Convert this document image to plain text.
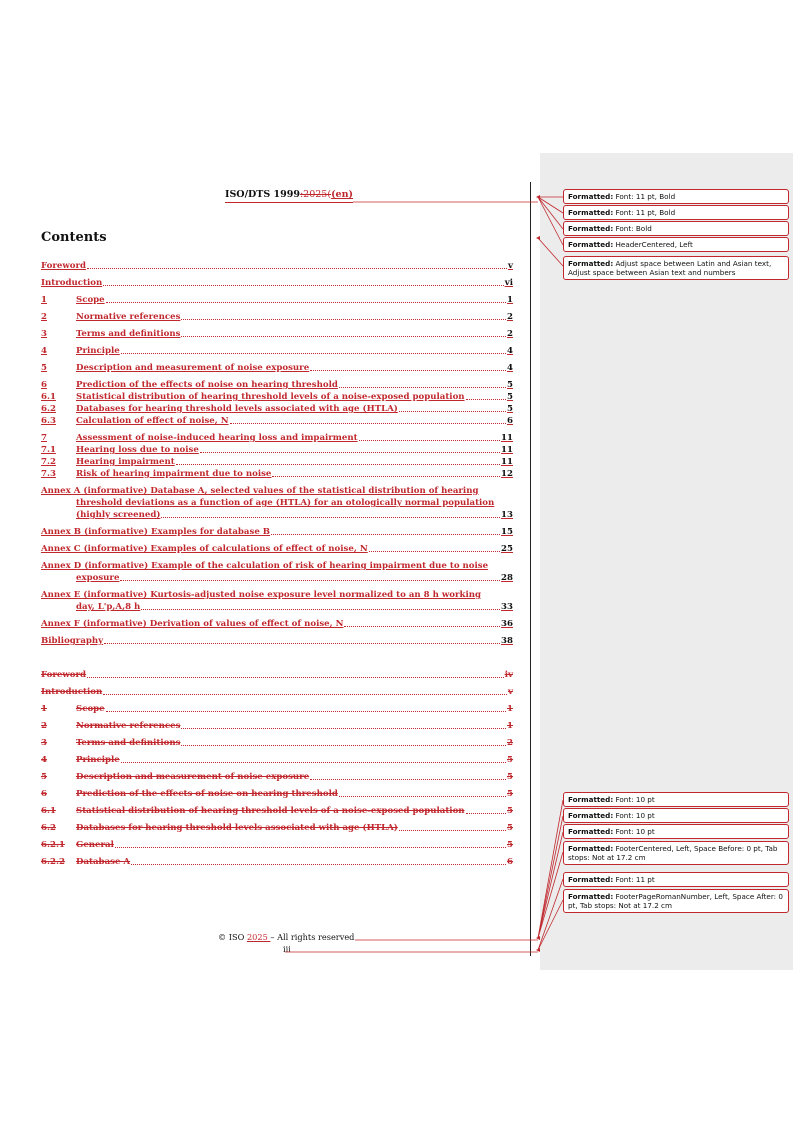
ISO/DTS 1999:2025((en)
Contents
Foreword	v
Introduction	vi
1	Scope	1
2	Normative references	2
3	Terms and definitions	2
4	Principle	4
5	Description and measurement of noise exposure	4
6	Prediction of the effects of noise on hearing threshold	5
6.1	Statistical distribution of hearing threshold levels of a noise-exposed population	5
6.2	Databases for hearing threshold levels associated with age (HTLA)	5
6.3	Calculation of effect of noise, N	6
7	Assessment of noise-induced hearing loss and impairment	11
7.1	Hearing loss due to noise	11
7.2	Hearing impairment	11
7.3	Risk of hearing impairment due to noise	12
Annex A (informative) Database A, selected values of the statistical distribution of hearing
threshold deviations as a function of age (HTLA) for an otologically normal population
(highly screened)	13
Annex B (informative) Examples for database B	15
Annex C (informative) Examples of calculations of effect of noise, N	25
Annex D (informative) Example of the calculation of risk of hearing impairment due to noise
exposure	28
Annex E (informative) Kurtosis-adjusted noise exposure level normalized to an 8 h working
day, L'p,A,8 h	33
Annex F (informative) Derivation of values of effect of noise, N	36
Bibliography	38
Foreword	iv
Introduction	v
1	Scope	1
2	Normative references	1
3	Terms and definitions	2
4	Principle	5
5	Description and measurement of noise exposure	5
6	Prediction of the effects of noise on hearing threshold	5
6.1	Statistical distribution of hearing threshold levels of a noise-exposed population	5
6.2	Databases for hearing threshold levels associated with age (HTLA)	5
6.2.1	General	5
6.2.2	Database A	6
© ISO 2025 – All rights reserved
iii
Formatted: Font: 11 pt, Bold
Formatted: Font: 11 pt, Bold
Formatted: Font: Bold
Formatted: HeaderCentered, Left
Formatted: Adjust space between Latin and Asian text, Adjust space between Asian text and numbers
Formatted: Font: 10 pt
Formatted: Font: 10 pt
Formatted: Font: 10 pt
Formatted: FooterCentered, Left, Space Before: 0 pt, Tab stops: Not at 17.2 cm
Formatted: Font: 11 pt
Formatted: FooterPageRomanNumber, Left, Space After: 0 pt, Tab stops: Not at 17.2 cm
